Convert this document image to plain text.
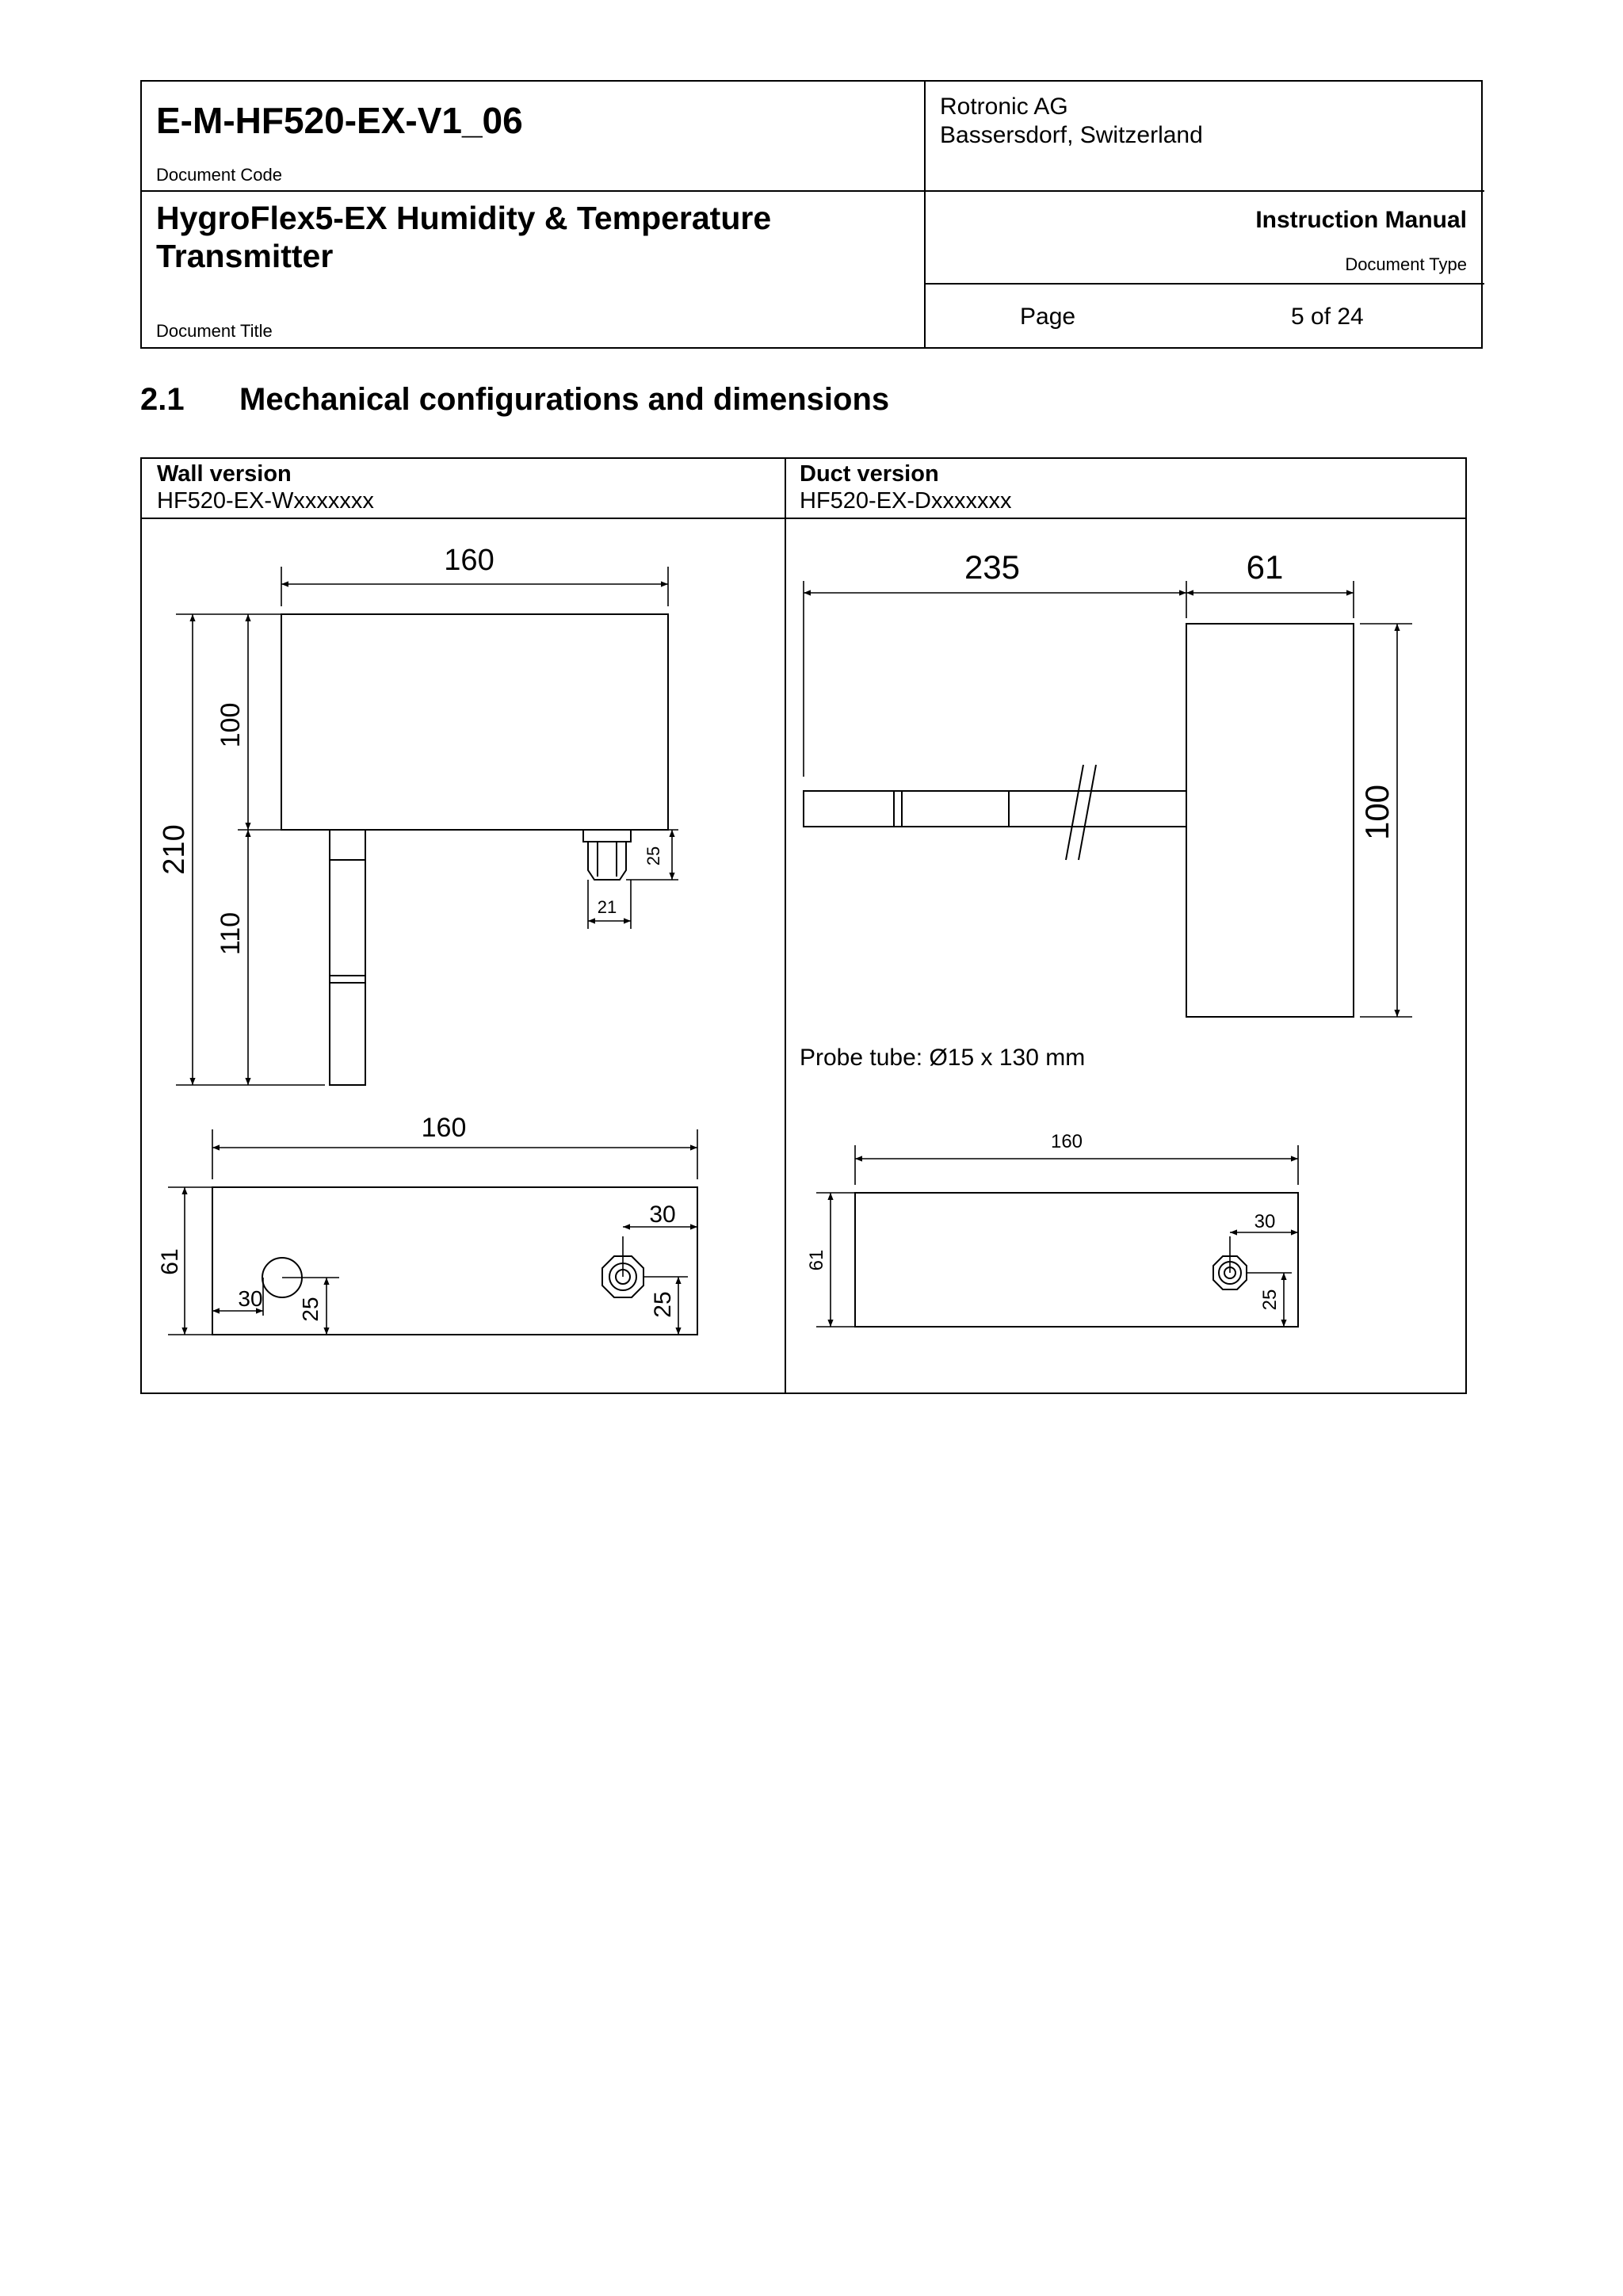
E-M-HF520-EX-V1_06
Document Code
HygroFlex5-EX Humidity & Temperature Transmitter
Document Title
Rotronic AG
Bassersdorf, Switzerland
Instruction Manual
Document Type
Page	5 of 24
2.1 Mechanical configurations and dimensions
Wall version
HF520-EX-Wxxxxxxx
Duct version
HF520-EX-Dxxxxxxx
Probe tube: Ø15 x 130 mm
160
210
100
110
25
21
160
61
30 25
30
25
235	61
100
160
61
30
25
